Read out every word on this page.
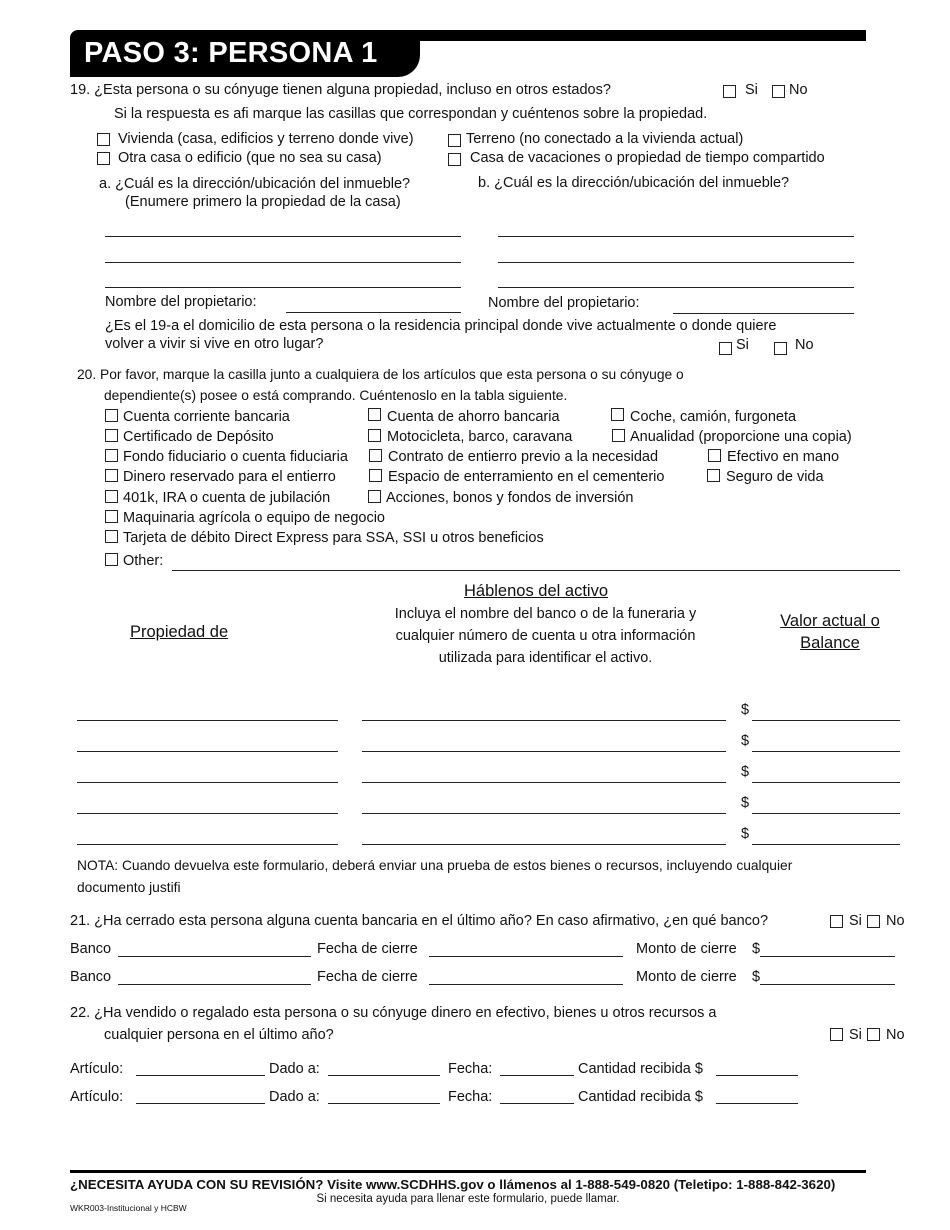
PASO 3: PERSONA 1
19. ¿Esta persona o su cónyuge tienen alguna propiedad, incluso en otros estados?	Si No
Si la respuesta es afi marque las casillas que correspondan y cuéntenos sobre la propiedad.
Vivienda (casa, edificios y terreno donde vive)	Terreno (no conectado a la vivienda actual)
Otra casa o edificio (que no sea su casa)	Casa de vacaciones o propiedad de tiempo compartido
a. ¿Cuál es la dirección/ubicación del inmueble?
(Enumere primero la propiedad de la casa)
b. ¿Cuál es la dirección/ubicación del inmueble?
Nombre del propietario:	Nombre del propietario:
¿Es el 19-a el domicilio de esta persona o la residencia principal donde vive actualmente o donde quiere
volver a vivir si vive en otro lugar?	Si	No
20. Por favor, marque la casilla junto a cualquiera de los artículos que esta persona o su cónyuge o
dependiente(s) posee o está comprando. Cuéntenoslo en la tabla siguiente.
Cuenta corriente bancaria	Cuenta de ahorro bancaria	Coche, camión, furgoneta
Certificado de Depósito	Motocicleta, barco, caravana	Anualidad (proporcione una copia)
Fondo fiduciario o cuenta fiduciaria	Contrato de entierro previo a la necesidad	Efectivo en mano
Dinero reservado para el entierro	Espacio de enterramiento en el cementerio	Seguro de vida
401k, IRA o cuenta de jubilación	Acciones, bonos y fondos de inversión
Maquinaria agrícola o equipo de negocio
Tarjeta de débito Direct Express para SSA, SSI u otros beneficios
Other:
Háblenos del activo
Incluya el nombre del banco o de la funeraria y cualquier número de cuenta u otra información utilizada para identificar el activo.
Propiedad de
Valor actual o
Balance
$
$
$
$
$
NOTA: Cuando devuelva este formulario, deberá enviar una prueba de estos bienes o recursos, incluyendo cualquier
documento justifi
21. ¿Ha cerrado esta persona alguna cuenta bancaria en el último año? En caso afirmativo, ¿en qué banco?	Si No
Banco	Fecha de cierre	Monto de cierre $
Banco	Fecha de cierre	Monto de cierre $
22. ¿Ha vendido o regalado esta persona o su cónyuge dinero en efectivo, bienes u otros recursos a
cualquier persona en el último año?	Si No
Artículo:	Dado a:	Fecha:	Cantidad recibida $
Artículo:	Dado a:	Fecha:	Cantidad recibida $
¿NECESITA AYUDA CON SU REVISIÓN? Visite www.SCDHHS.gov o llámenos al 1-888-549-0820 (Teletipo: 1-888-842-3620)
Si necesita ayuda para llenar este formulario, puede llamar.
WKR003-Institucional y HCBW
